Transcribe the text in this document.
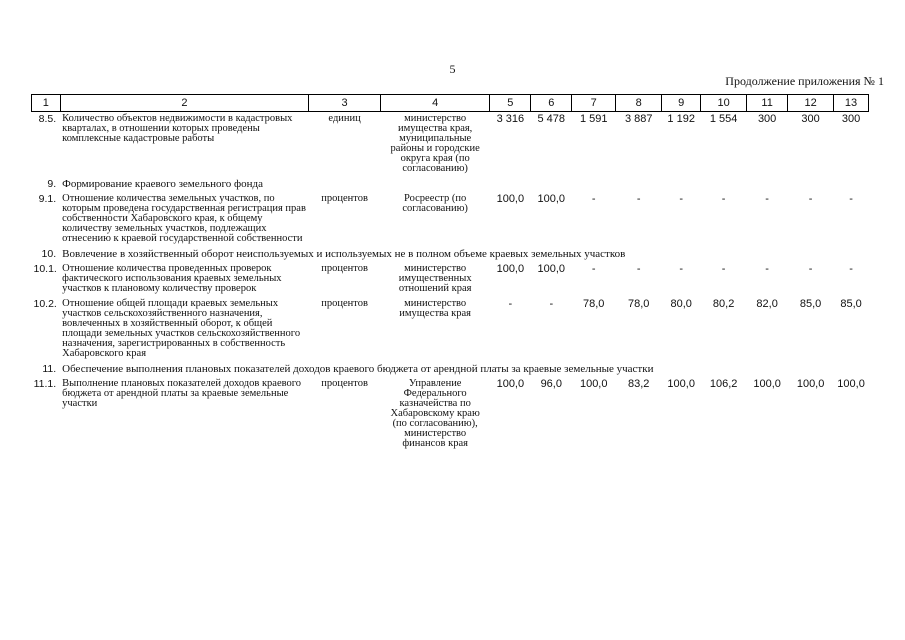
5
Продолжение приложения № 1
1	2	3	4	5	6	7	8	9	10	11	12	13
8.5.	Количество объектов недвижимости в кадастровых кварталах, в отношении которых проведены комплексные кадастровые работы	единиц	министерство имущества края, муниципальные районы и городские округа края (по согласованию)	3 316	5 478	1 591	3 887	1 192	1 554	300	300	300
9.	Формирование краевого земельного фонда											
9.1.	Отношение количества земельных участков, по которым проведена государственная регистрация прав собственности Хабаровского края, к общему количеству земельных участков, подлежащих отнесению к краевой государственной собственности	процентов	Росреестр (по согласованию)	100,0	100,0	-	-	-	-	-	-	-
10.	Вовлечение в хозяйственный оборот неиспользуемых и используемых не в полном объеме краевых земельных участков											
10.1.	Отношение количества проведенных проверок фактического использования краевых земельных участков к плановому количеству проверок	процентов	министерство имущественных отношений края	100,0	100,0	-	-	-	-	-	-	-
10.2.	Отношение общей площади краевых земельных участков сельскохозяйственного назначения, вовлеченных в хозяйственный оборот, к общей площади земельных участков сельскохозяйственного назначения, зарегистрированных в собственность Хабаровского края	процентов	министерство имущества края	-	-	78,0	78,0	80,0	80,2	82,0	85,0	85,0
11.	Обеспечение выполнения плановых показателей доходов краевого бюджета от арендной платы за краевые земельные участки											
11.1.	Выполнение плановых показателей доходов краевого бюджета от арендной платы за краевые земельные участки	процентов	Управление Федерального казначейства по Хабаровскому краю (по согласованию), министерство финансов края	100,0	96,0	100,0	83,2	100,0	106,2	100,0	100,0	100,0
